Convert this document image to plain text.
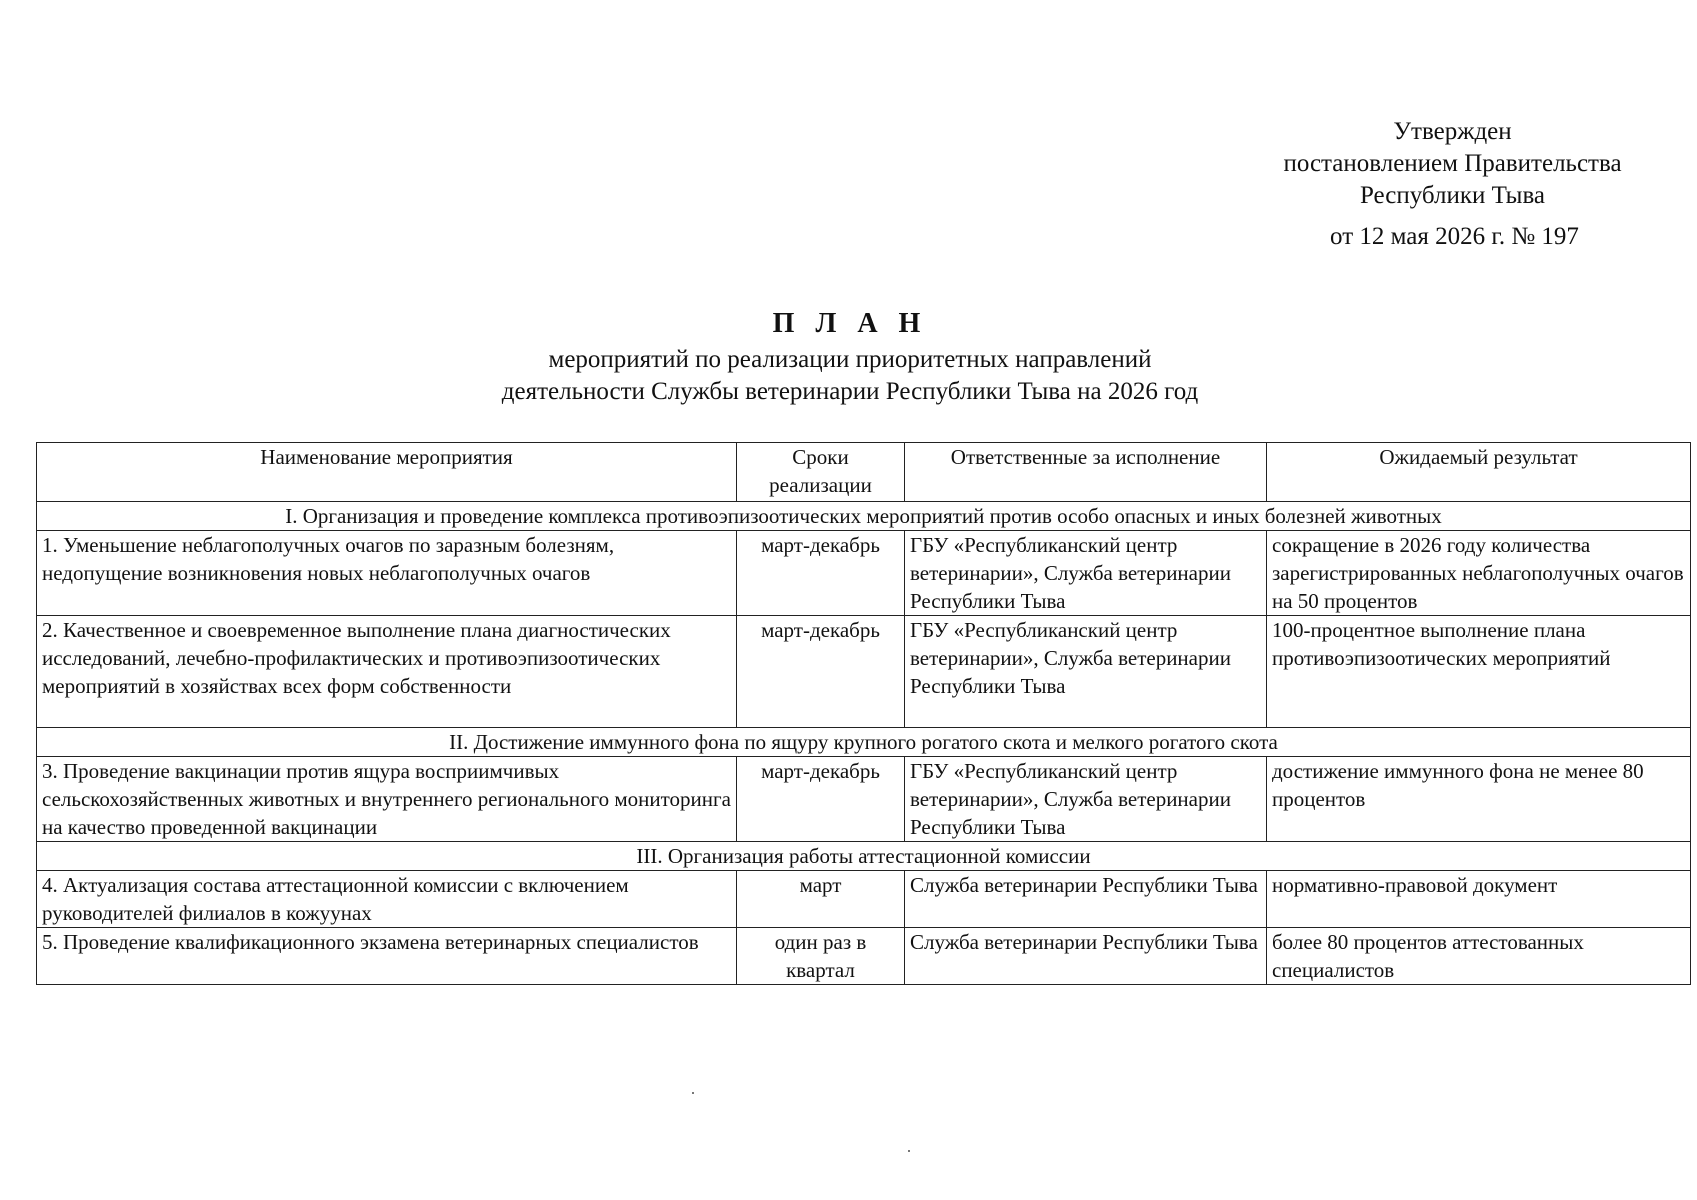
Утвержден
постановлением Правительства
Республики Тыва
от 12 мая 2026 г. № 197
П Л А Н
мероприятий по реализации приоритетных направлений
деятельности Службы ветеринарии Республики Тыва на 2026 год
Наименование мероприятия	Сроки реализации	Ответственные за исполнение	Ожидаемый результат
I. Организация и проведение комплекса противоэпизоотических мероприятий против особо опасных и иных болезней животных			
1. Уменьшение неблагополучных очагов по заразным болезням, недопущение возникновения новых неблагополучных очагов	март-декабрь	ГБУ «Республиканский центр ветеринарии», Служба ветеринарии Республики Тыва	сокращение в 2026 году количества зарегистрированных неблагополучных очагов на 50 процентов
2. Качественное и своевременное выполнение плана диагностических исследований, лечебно-профилактических и противоэпизоотических мероприятий в хозяйствах всех форм собственности	март-декабрь	ГБУ «Республиканский центр ветеринарии», Служба ветеринарии Республики Тыва	100-процентное выполнение плана противоэпизоотических мероприятий
II. Достижение иммунного фона по ящуру крупного рогатого скота и мелкого рогатого скота			
3. Проведение вакцинации против ящура восприимчивых сельскохозяйственных животных и внутреннего регионального мониторинга на качество проведенной вакцинации	март-декабрь	ГБУ «Республиканский центр ветеринарии», Служба ветеринарии Республики Тыва	достижение иммунного фона не менее 80 процентов
III. Организация работы аттестационной комиссии			
4. Актуализация состава аттестационной комиссии с включением руководителей филиалов в кожуунах	март	Служба ветеринарии Республики Тыва	нормативно-правовой документ
5. Проведение квалификационного экзамена ветеринарных специалистов	один раз в квартал	Служба ветеринарии Республики Тыва	более 80 процентов аттестованных специалистов
